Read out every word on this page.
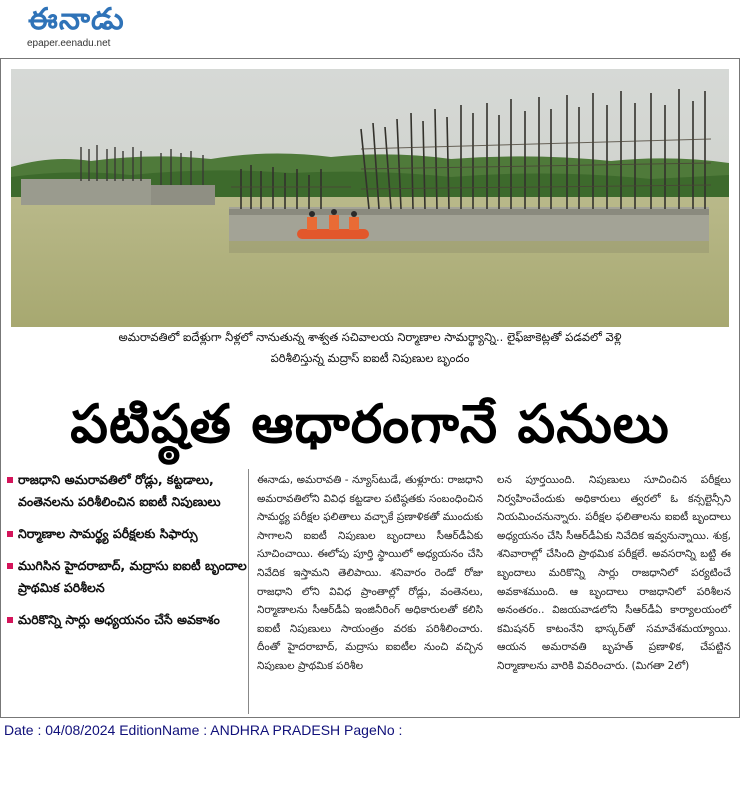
ఈనాడు
epaper.eenadu.net
అమరావతిలో ఐదేళ్లుగా నీళ్లలో నానుతున్న శాశ్వత సచివాలయ నిర్మాణాల సామర్థ్యాన్ని.. లైఫ్‌జాకెట్లతో పడవలో వెళ్లి
పరిశీలిస్తున్న మద్రాస్ ఐఐటీ నిపుణుల బృందం
పటిష్ఠత ఆధారంగానే పనులు
రాజధాని అమరావతిలో రోడ్లు, కట్టడాలు, వంతెనలను పరిశీలించిన ఐఐటీ నిపుణులు
నిర్మాణాల సామర్థ్య పరీక్షలకు సిఫార్సు
ముగిసిన హైదరాబాద్, మద్రాసు ఐఐటీ బృందాల ప్రాథమిక పరిశీలన
మరికొన్ని సార్లు అధ్యయనం చేసే అవకాశం
ఈనాడు, అమరావతి - న్యూస్‌టుడే, తుళ్లూరు: రాజధాని అమరావతిలోని వివిధ కట్టడాల పటిష్ఠతకు సంబంధించిన సామర్థ్య పరీక్షల ఫలితాలు వచ్చాకే ప్రణాళికతో ముందుకు సాగాలని ఐఐటీ నిపుణుల బృందాలు సీఆర్‌డీఏకు సూచించాయి. ఈలోపు పూర్తి స్థాయిలో అధ్యయనం చేసి నివేదిక ఇస్తామని తెలిపాయి. శనివారం రెండో రోజు రాజధాని లోని వివిధ ప్రాంతాల్లో రోడ్లు, వంతెనలు, నిర్మాణాలను సీఆర్‌డీఏ ఇంజినీరింగ్ అధికారులతో కలిసి ఐఐటీ నిపుణులు సాయంత్రం వరకు పరిశీలించారు. దీంతో హైదరాబాద్, మద్రాసు ఐఐటీల నుంచి వచ్చిన నిపుణుల ప్రాథమిక పరిశీల
లన పూర్తయింది. నిపుణులు సూచించిన పరీక్షలు నిర్వహించేందుకు అధికారులు త్వరలో ఓ కన్సల్టెన్సీని నియమించనున్నారు. పరీక్షల ఫలితాలను ఐఐటీ బృందాలు అధ్యయనం చేసి సీఆర్‌డీఏకు నివేదిక ఇవ్వనున్నాయి. శుక్ర, శనివారాల్లో చేసింది ప్రాథమిక పరీక్షలే. అవసరాన్ని బట్టి ఈ బృందాలు మరికొన్ని సార్లు రాజధానిలో పర్యటించే అవకాశముంది. ఆ బృందాలు రాజధానిలో పరిశీలన అనంతరం.. విజయవాడలోని సీఆర్‌డీఏ కార్యాలయంలో కమిషనర్ కాటంనేని భాస్కర్‌తో సమావేశమయ్యాయి. ఆయన అమరావతి బృహత్ ప్రణాళిక, చేపట్టిన నిర్మాణాలను వారికి వివరించారు. (మిగతా 2లో)
Date : 04/08/2024 EditionName : ANDHRA PRADESH PageNo :
